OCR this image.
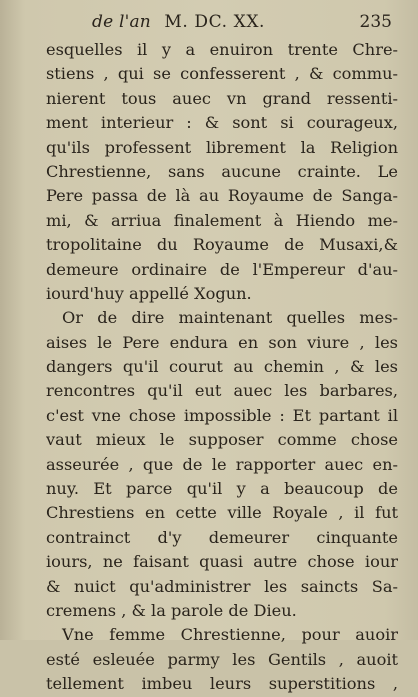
de l'an M. DC. XX.	235
esquelles il y a enuiron trente Chre-
stiens , qui se confesserent , & commu-
nierent tous auec vn grand ressenti-
ment interieur : & sont si courageux,
qu'ils professent librement la Religion
Chrestienne, sans aucune crainte. Le
Pere passa de là au Royaume de Sanga-
mi, & arriua finalement à Hiendo me-
tropolitaine du Royaume de Musaxi,&
demeure ordinaire de l'Empereur d'au-
iourd'huy appellé Xogun.
Or de dire maintenant quelles mes-
aises le Pere endura en son viure , les
dangers qu'il courut au chemin , & les
rencontres qu'il eut auec les barbares,
c'est vne chose impossible : Et partant il
vaut mieux le supposer comme chose
asseurée , que de le rapporter auec en-
nuy. Et parce qu'il y a beaucoup de
Chrestiens en cette ville Royale , il fut
contrainct d'y demeurer cinquante
iours, ne faisant quasi autre chose iour
& nuict qu'administrer les saincts Sa-
cremens , & la parole de Dieu.
Vne femme Chrestienne, pour auoir
esté esleuée parmy les Gentils , auoit
tellement imbeu leurs superstitions ,
